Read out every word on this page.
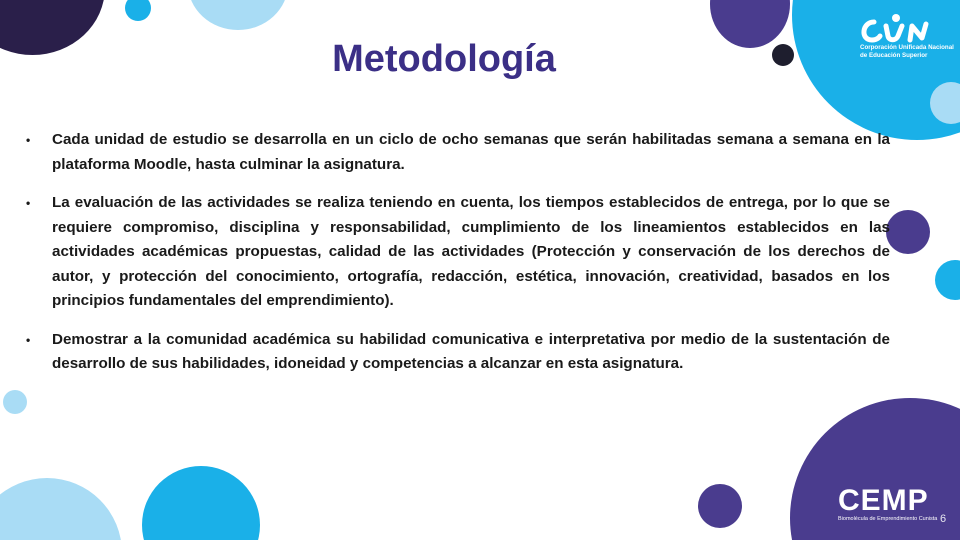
Corporación Unificada Nacional
de Educación Superior
Metodología
• Cada unidad de estudio se desarrolla en un ciclo de ocho semanas que serán habilitadas semana a semana en la plataforma Moodle, hasta culminar la asignatura.
• La evaluación de las actividades se realiza teniendo en cuenta, los tiempos establecidos de entrega, por lo que se requiere compromiso, disciplina y responsabilidad, cumplimiento de los lineamientos establecidos en las actividades académicas propuestas, calidad de las actividades (Protección y conservación de los derechos de autor, y protección del conocimiento, ortografía, redacción, estética, innovación, creatividad, basados en los principios fundamentales del emprendimiento).
• Demostrar a la comunidad académica su habilidad comunicativa e interpretativa por medio de la sustentación de desarrollo de sus habilidades, idoneidad y competencias a alcanzar en esta asignatura.
CEMP
Biomolécula de Emprendimiento Cunista 6
